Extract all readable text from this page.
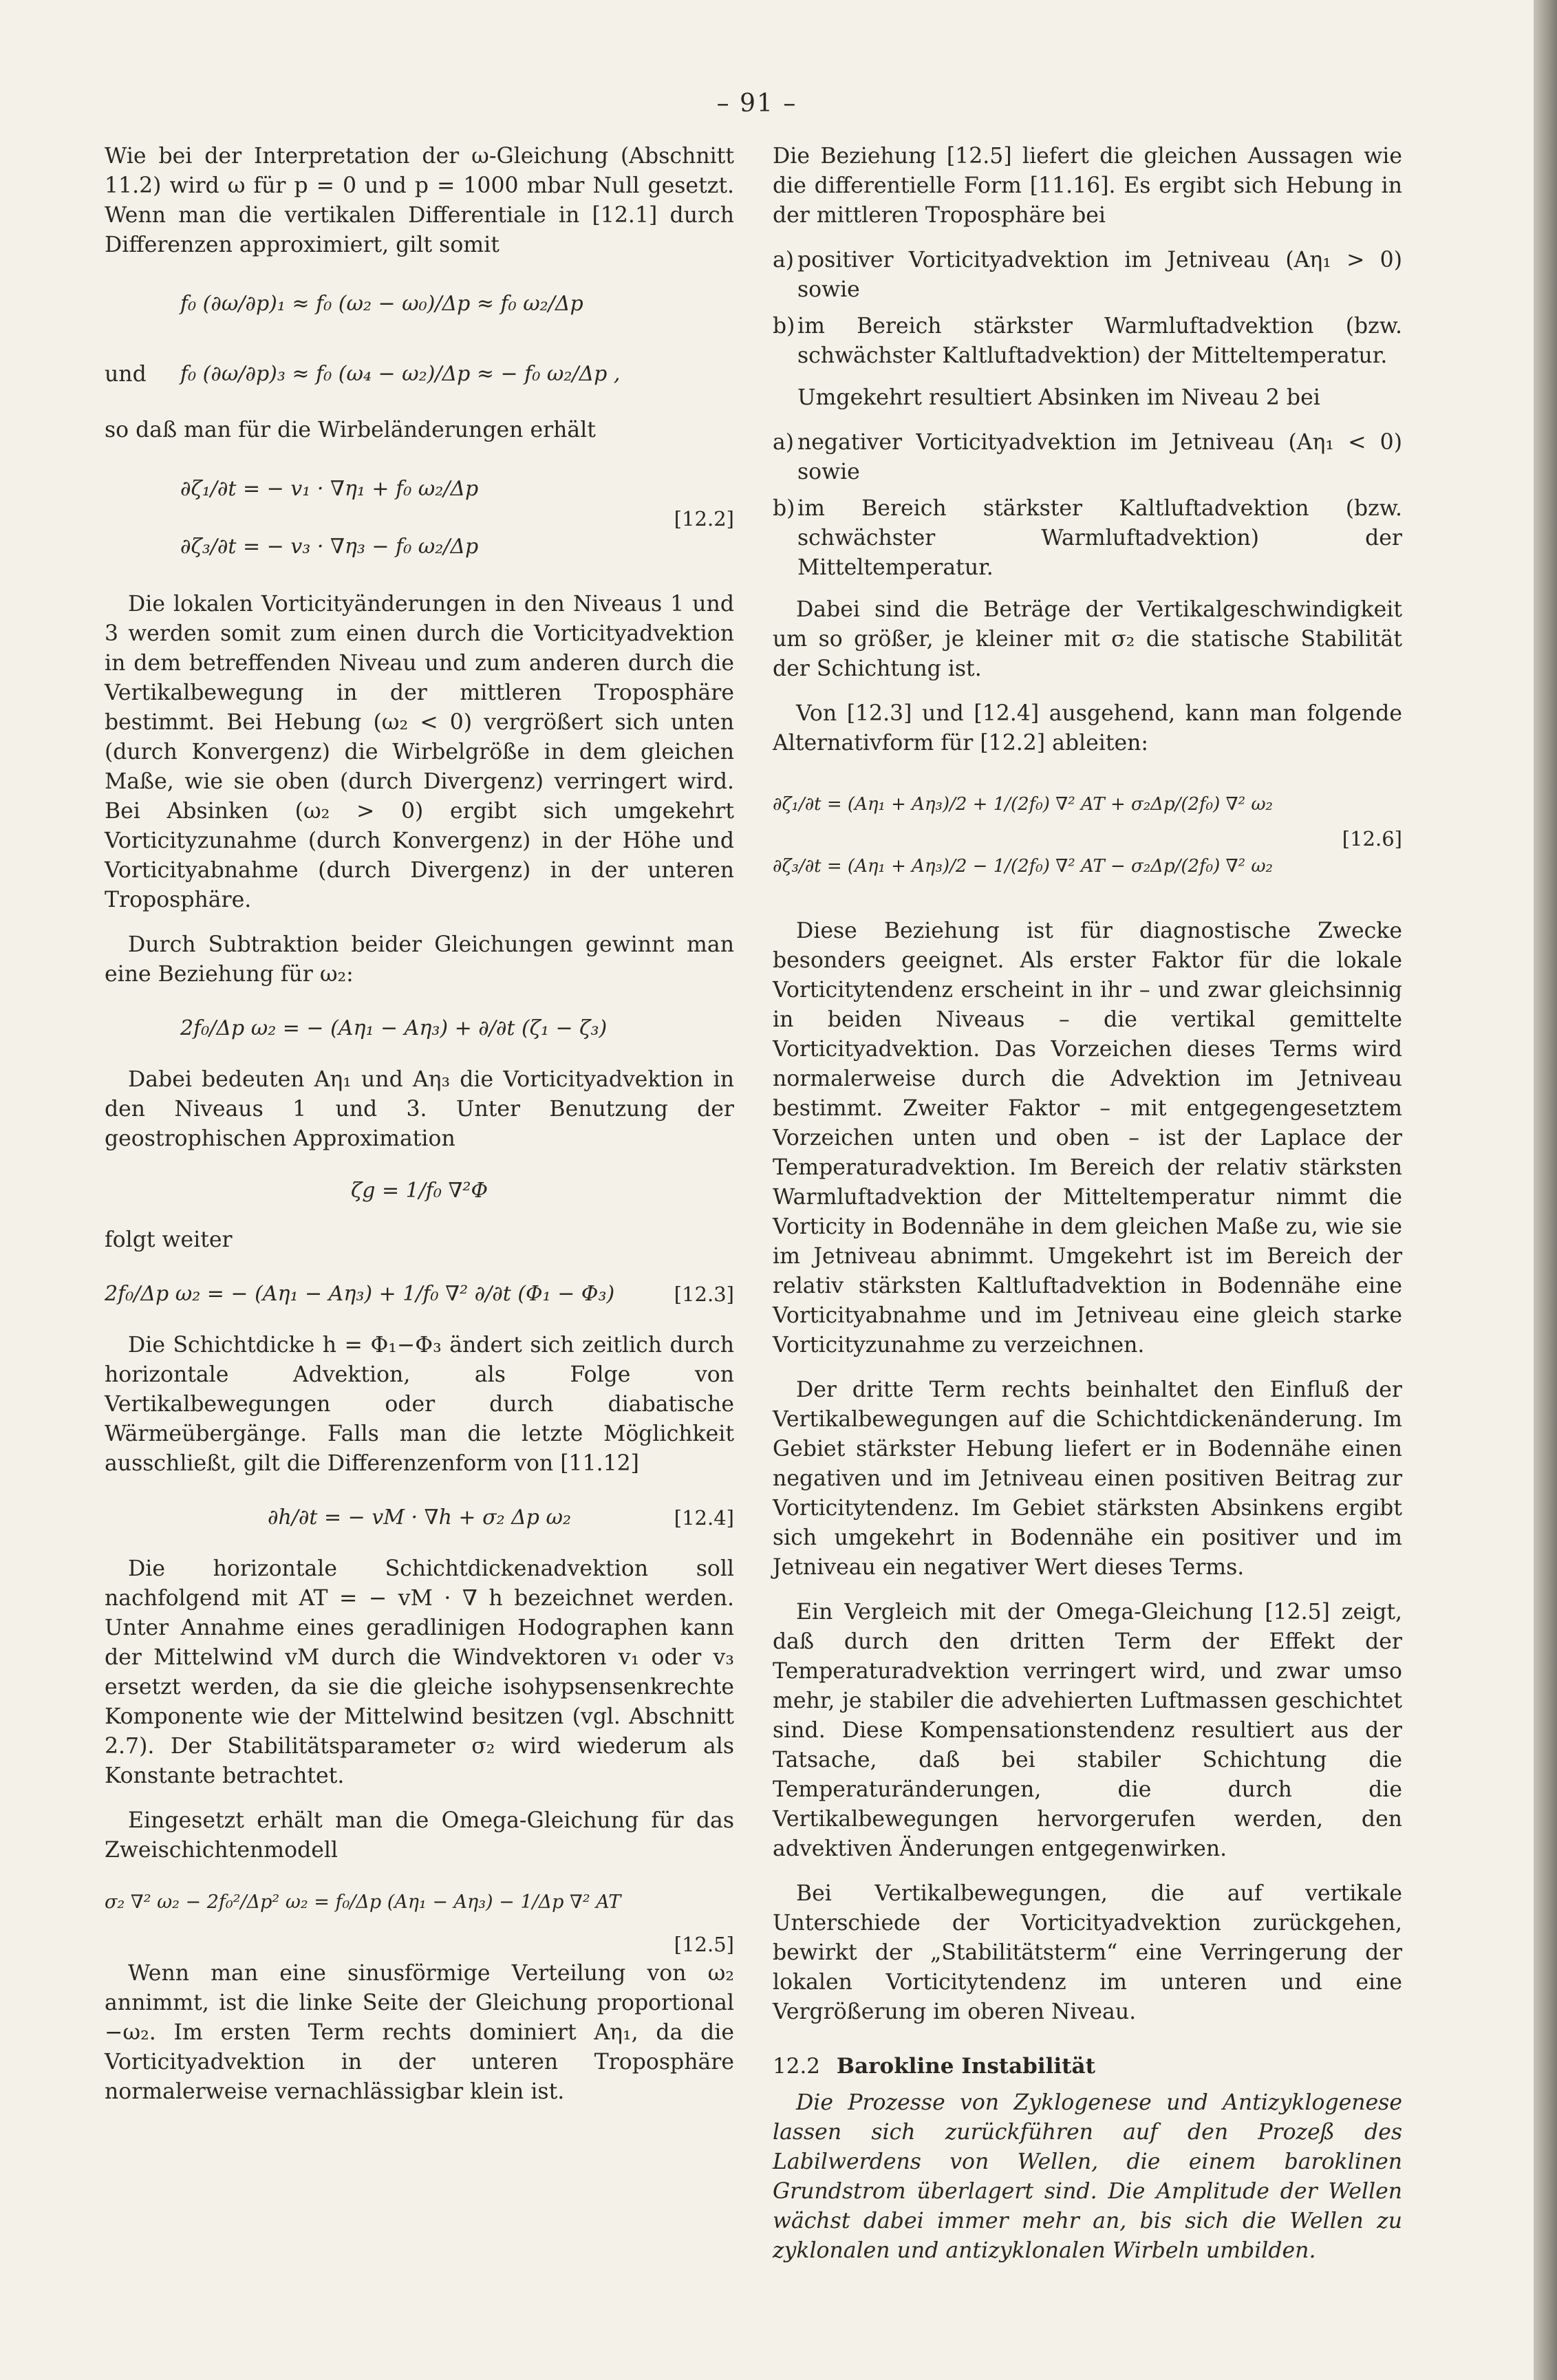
– 91 –

Wie bei der Interpretation der ω-Gleichung (Abschnitt 11.2) wird ω für p = 0 und p = 1000 mbar Null gesetzt. Wenn man die vertikalen Differentiale in [12.1] durch Differenzen approximiert, gilt somit

f₀ (∂ω/∂p)₁ ≈ f₀ (ω₂ − ω₀)/Δp ≈ f₀ ω₂/Δp
und	f₀ (∂ω/∂p)₃ ≈ f₀ (ω₄ − ω₂)/Δp ≈ − f₀ ω₂/Δp ,

so daß man für die Wirbeländerungen erhält

∂ζ₁/∂t = − v₁ · ∇η₁ + f₀ ω₂/Δp
∂ζ₃/∂t = − v₃ · ∇η₃ − f₀ ω₂/Δp
[12.2]

Die lokalen Vorticityänderungen in den Niveaus 1 und 3 werden somit zum einen durch die Vorticityadvektion in dem betreffenden Niveau und zum anderen durch die Vertikalbewegung in der mittleren Troposphäre bestimmt. Bei Hebung (ω₂ < 0) vergrößert sich unten (durch Konvergenz) die Wirbelgröße in dem gleichen Maße, wie sie oben (durch Divergenz) verringert wird. Bei Absinken (ω₂ > 0) ergibt sich umgekehrt Vorticityzunahme (durch Konvergenz) in der Höhe und Vorticityabnahme (durch Divergenz) in der unteren Troposphäre.

Durch Subtraktion beider Gleichungen gewinnt man eine Beziehung für ω₂:

2f₀/Δp ω₂ = − (Aη₁ − Aη₃) + ∂/∂t (ζ₁ − ζ₃)

Dabei bedeuten Aη₁ und Aη₃ die Vorticityadvektion in den Niveaus 1 und 3. Unter Benutzung der geostrophischen Approximation

ζg = 1/f₀ ∇²Φ

folgt weiter

2f₀/Δp ω₂ = − (Aη₁ − Aη₃) + 1/f₀ ∇² ∂/∂t (Φ₁ − Φ₃)	[12.3]

Die Schichtdicke h = Φ₁−Φ₃ ändert sich zeitlich durch horizontale Advektion, als Folge von Vertikalbewegungen oder durch diabatische Wärmeübergänge. Falls man die letzte Möglichkeit ausschließt, gilt die Differenzenform von [11.12]

∂h/∂t = − vM · ∇h + σ₂ Δp ω₂	[12.4]

Die horizontale Schichtdickenadvektion soll nachfolgend mit AT = − vM · ∇ h bezeichnet werden. Unter Annahme eines geradlinigen Hodographen kann der Mittelwind vM durch die Windvektoren v₁ oder v₃ ersetzt werden, da sie die gleiche isohypsensenkrechte Komponente wie der Mittelwind besitzen (vgl. Abschnitt 2.7). Der Stabilitätsparameter σ₂ wird wiederum als Konstante betrachtet.

Eingesetzt erhält man die Omega-Gleichung für das Zweischichtenmodell

σ₂ ∇² ω₂ − 2f₀²/Δp² ω₂ = f₀/Δp (Aη₁ − Aη₃) − 1/Δp ∇² AT
[12.5]

Wenn man eine sinusförmige Verteilung von ω₂ annimmt, ist die linke Seite der Gleichung proportional −ω₂. Im ersten Term rechts dominiert Aη₁, da die Vorticityadvektion in der unteren Troposphäre normalerweise vernachlässigbar klein ist.

Die Beziehung [12.5] liefert die gleichen Aussagen wie die differentielle Form [11.16]. Es ergibt sich Hebung in der mittleren Troposphäre bei

a) positiver Vorticityadvektion im Jetniveau (Aη₁ > 0) sowie
b) im Bereich stärkster Warmluftadvektion (bzw. schwächster Kaltluftadvektion) der Mitteltemperatur.

Umgekehrt resultiert Absinken im Niveau 2 bei

a) negativer Vorticityadvektion im Jetniveau (Aη₁ < 0) sowie
b) im Bereich stärkster Kaltluftadvektion (bzw. schwächster Warmluftadvektion) der Mitteltemperatur.

Dabei sind die Beträge der Vertikalgeschwindigkeit um so größer, je kleiner mit σ₂ die statische Stabilität der Schichtung ist.

Von [12.3] und [12.4] ausgehend, kann man folgende Alternativform für [12.2] ableiten:

∂ζ₁/∂t = (Aη₁ + Aη₃)/2 + 1/(2f₀) ∇² AT + σ₂Δp/(2f₀) ∇² ω₂
∂ζ₃/∂t = (Aη₁ + Aη₃)/2 − 1/(2f₀) ∇² AT − σ₂Δp/(2f₀) ∇² ω₂
[12.6]

Diese Beziehung ist für diagnostische Zwecke besonders geeignet. Als erster Faktor für die lokale Vorticitytendenz erscheint in ihr – und zwar gleichsinnig in beiden Niveaus – die vertikal gemittelte Vorticityadvektion. Das Vorzeichen dieses Terms wird normalerweise durch die Advektion im Jetniveau bestimmt. Zweiter Faktor – mit entgegengesetztem Vorzeichen unten und oben – ist der Laplace der Temperaturadvektion. Im Bereich der relativ stärksten Warmluftadvektion der Mitteltemperatur nimmt die Vorticity in Bodennähe in dem gleichen Maße zu, wie sie im Jetniveau abnimmt. Umgekehrt ist im Bereich der relativ stärksten Kaltluftadvektion in Bodennähe eine Vorticityabnahme und im Jetniveau eine gleich starke Vorticityzunahme zu verzeichnen.

Der dritte Term rechts beinhaltet den Einfluß der Vertikalbewegungen auf die Schichtdickenänderung. Im Gebiet stärkster Hebung liefert er in Bodennähe einen negativen und im Jetniveau einen positiven Beitrag zur Vorticitytendenz. Im Gebiet stärksten Absinkens ergibt sich umgekehrt in Bodennähe ein positiver und im Jetniveau ein negativer Wert dieses Terms.

Ein Vergleich mit der Omega-Gleichung [12.5] zeigt, daß durch den dritten Term der Effekt der Temperaturadvektion verringert wird, und zwar umso mehr, je stabiler die advehierten Luftmassen geschichtet sind. Diese Kompensationstendenz resultiert aus der Tatsache, daß bei stabiler Schichtung die Temperaturänderungen, die durch die Vertikalbewegungen hervorgerufen werden, den advektiven Änderungen entgegenwirken.

Bei Vertikalbewegungen, die auf vertikale Unterschiede der Vorticityadvektion zurückgehen, bewirkt der „Stabilitätsterm“ eine Verringerung der lokalen Vorticitytendenz im unteren und eine Vergrößerung im oberen Niveau.

12.2 Barokline Instabilität

Die Prozesse von Zyklogenese und Antizyklogenese lassen sich zurückführen auf den Prozeß des Labilwerdens von Wellen, die einem baroklinen Grundstrom überlagert sind. Die Amplitude der Wellen wächst dabei immer mehr an, bis sich die Wellen zu zyklonalen und antizyklonalen Wirbeln umbilden.
